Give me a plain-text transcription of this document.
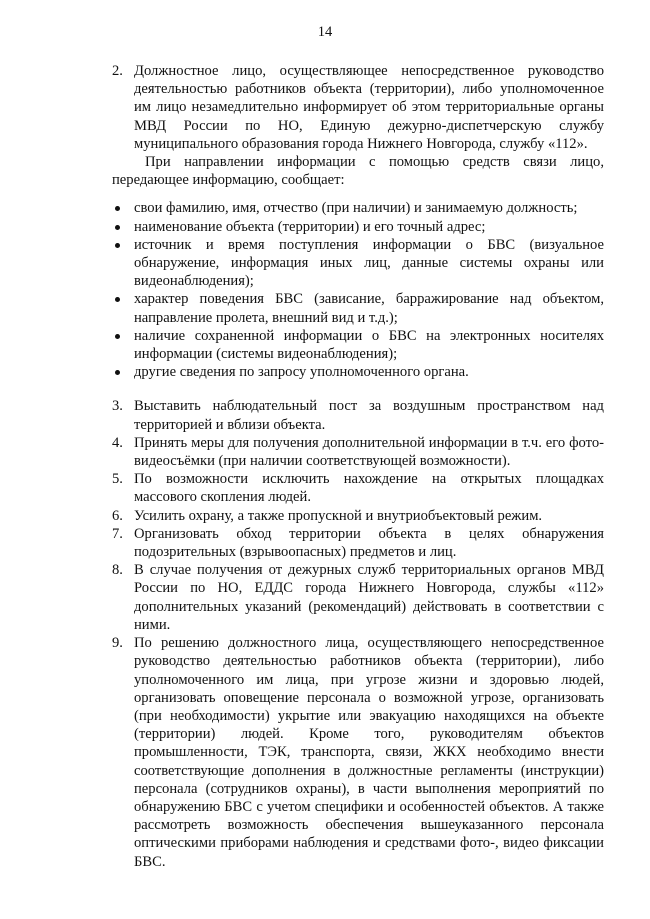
14
2. Должностное лицо, осуществляющее непосредственное руководство деятельностью работников объекта (территории), либо уполномоченное им лицо незамедлительно информирует об этом территориальные органы МВД России по НО, Единую дежурно-диспетчерскую службу муниципального образования города Нижнего Новгорода, службу «112».

При направлении информации с помощью средств связи лицо, передающее информацию, сообщает:

свои фамилию, имя, отчество (при наличии) и занимаемую должность;
наименование объекта (территории) и его точный адрес;
источник и время поступления информации о БВС (визуальное обнаружение, информация иных лиц, данные системы охраны или видеонаблюдения);
характер поведения БВС (зависание, барражирование над объектом, направление пролета, внешний вид и т.д.);
наличие сохраненной информации о БВС на электронных носителях информации (системы видеонаблюдения);
другие сведения по запросу уполномоченного органа.
3. Выставить наблюдательный пост за воздушным пространством над территорией и вблизи объекта.
4. Принять меры для получения дополнительной информации в т.ч. его фото-видеосъёмки (при наличии соответствующей возможности).
5. По возможности исключить нахождение на открытых площадках массового скопления людей.
6. Усилить охрану, а также пропускной и внутриобъектовый режим.
7. Организовать обход территории объекта в целях обнаружения подозрительных (взрывоопасных) предметов и лиц.
8. В случае получения от дежурных служб территориальных органов МВД России по НО, ЕДДС города Нижнего Новгорода, службы «112» дополнительных указаний (рекомендаций) действовать в соответствии с ними.
9. По решению должностного лица, осуществляющего непосредственное руководство деятельностью работников объекта (территории), либо уполномоченного им лица, при угрозе жизни и здоровью людей, организовать оповещение персонала о возможной угрозе, организовать (при необходимости) укрытие или эвакуацию находящихся на объекте (территории) людей. Кроме того, руководителям объектов промышленности, ТЭК, транспорта, связи, ЖКХ необходимо внести соответствующие дополнения в должностные регламенты (инструкции) персонала (сотрудников охраны), в части выполнения мероприятий по обнаружению БВС с учетом специфики и особенностей объектов. А также рассмотреть возможность обеспечения вышеуказанного персонала оптическими приборами наблюдения и средствами фото-, видео фиксации БВС.
